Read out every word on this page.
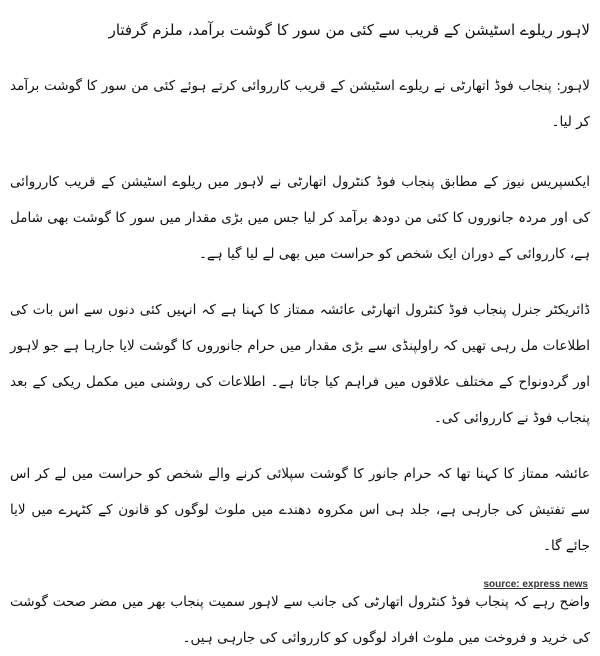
لاہور ریلوے اسٹیشن کے قریب سے کئی من سور کا گوشت برآمد، ملزم گرفتار

لاہور: پنجاب فوڈ اتھارٹی نے ریلوے اسٹیشن کے قریب کارروائی کرتے ہوئے کئی من سور کا گوشت برآمد کر لیا۔

ایکسپریس نیوز کے مطابق پنجاب فوڈ کنٹرول اتھارٹی نے لاہور میں ریلوے اسٹیشن کے قریب کارروائی کی اور مردہ جانوروں کا کئی من دودھ برآمد کر لیا جس میں بڑی مقدار میں سور کا گوشت بھی شامل ہے، کارروائی کے دوران ایک شخص کو حراست میں بھی لے لیا گیا ہے۔

ڈائریکٹر جنرل پنجاب فوڈ کنٹرول اتھارٹی عائشہ ممتاز کا کہنا ہے کہ انہیں کئی دنوں سے اس بات کی اطلاعات مل رہی تھیں کہ راولپنڈی سے بڑی مقدار میں حرام جانوروں کا گوشت لایا جارہا ہے جو لاہور اور گردونواح کے مختلف علاقوں میں فراہم کیا جاتا ہے۔ اطلاعات کی روشنی میں مکمل ریکی کے بعد پنجاب فوڈ نے کارروائی کی۔

عائشہ ممتاز کا کہنا تھا کہ حرام جانور کا گوشت سپلائی کرنے والے شخص کو حراست میں لے کر اس سے تفتیش کی جارہی ہے، جلد ہی اس مکروہ دھندے میں ملوث لوگوں کو قانون کے کٹہرے میں لایا جائے گا۔

واضح رہے کہ پنجاب فوڈ کنٹرول اتھارٹی کی جانب سے لاہور سمیت پنجاب بھر میں مضر صحت گوشت کی خرید و فروخت میں ملوث افراد لوگوں کو کارروائی کی جارہی ہیں۔

source: express news
